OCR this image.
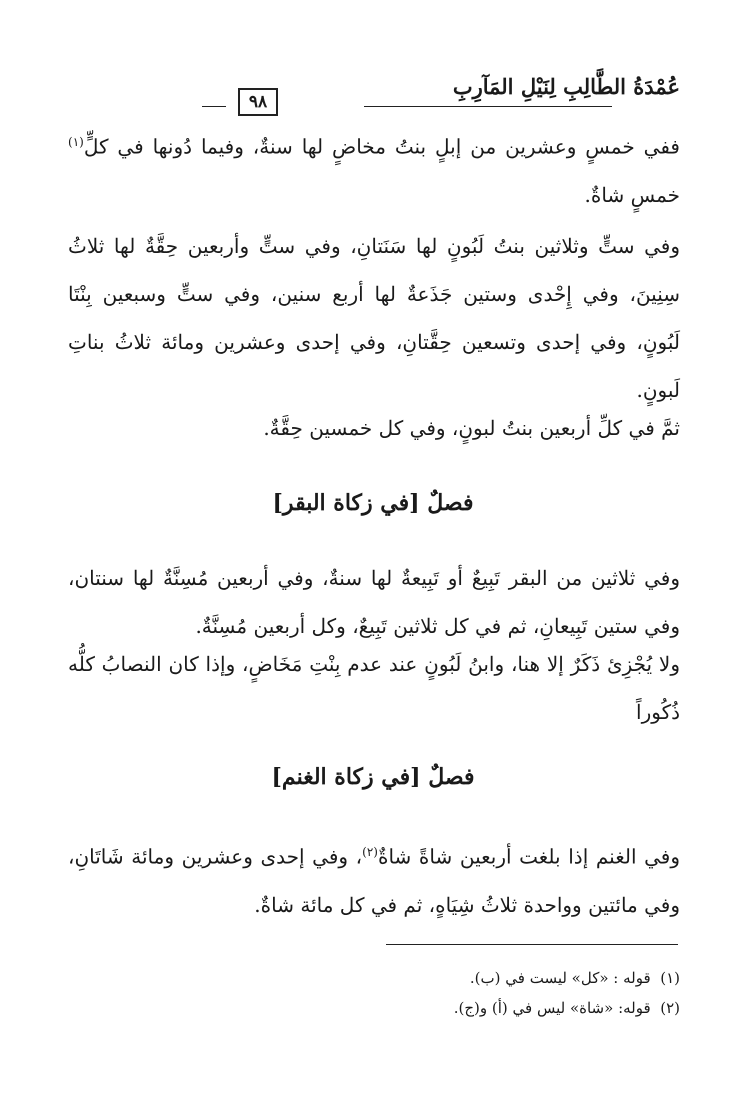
عُمْدَةُ الطَّالِبِ لِنَيْلِ المَآرِبِ
٩٨

ففي خمسٍ وعشرين من إبلٍ بنتُ مخاضٍ لها سنةٌ، وفيما دُونها في كلٍّ$^{(١)}$ خمسٍ شاةٌ.

وفي ستٍّ وثلاثين بنتُ لَبُونٍ لها سَنَتانِ، وفي ستٍّ وأربعين حِقَّةٌ لها ثلاثُ سِنِينَ، وفي إِحْدى وستين جَذَعةٌ لها أربع سنين، وفي ستٍّ وسبعين بِنْتَا لَبُونٍ، وفي إحدى وتسعين حِقَّتانِ، وفي إحدى وعشرين ومائة ثلاثُ بناتِ لَبونٍ.

ثمَّ في كلِّ أربعين بنتُ لبونٍ، وفي كل خمسين حِقَّةٌ.

فصلٌ [في زكاة البقر]

وفي ثلاثين من البقر تَبِيعٌ أو تَبِيعةٌ لها سنةٌ، وفي أربعين مُسِنَّةٌ لها سنتان، وفي ستين تَبِيعانِ، ثم في كل ثلاثين تَبِيعٌ، وكل أربعين مُسِنَّةٌ.

ولا يُجْزِئ ذَكَرٌ إلا هنا، وابنُ لَبُونٍ عند عدم بِنْتِ مَخَاضٍ، وإذا كان النصابُ كلُّه ذُكُوراً

فصلٌ [في زكاة الغنم]

وفي الغنم إذا بلغت أربعين شاةً شاةٌ$^{(٢)}$، وفي إحدى وعشرين ومائة شَاتَانِ، وفي مائتين وواحدة ثلاثُ شِيَاهٍ، ثم في كل مائة شاةٌ.

(١)  قوله : «كل» ليست في (ب).
(٢)  قوله: «شاة» ليس في (أ) و(ج).
